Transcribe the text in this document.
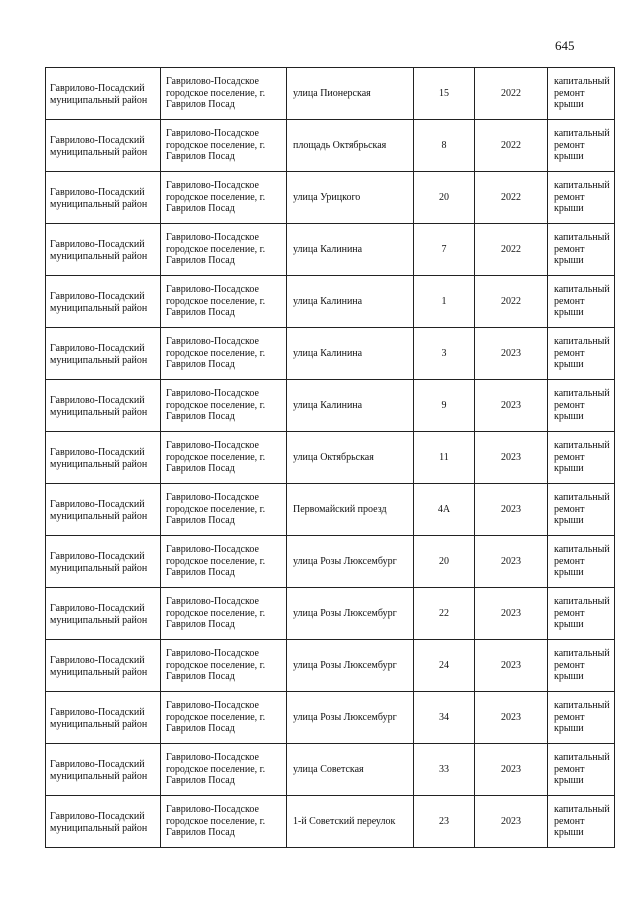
645
Гаврилово-Посадский муниципальный район	Гаврилово-Посадское городское поселение, г. Гаврилов Посад	улица Пионерская	15	2022	капитальный ремонт крыши
Гаврилово-Посадский муниципальный район	Гаврилово-Посадское городское поселение, г. Гаврилов Посад	площадь Октябрьская	8	2022	капитальный ремонт крыши
Гаврилово-Посадский муниципальный район	Гаврилово-Посадское городское поселение, г. Гаврилов Посад	улица Урицкого	20	2022	капитальный ремонт крыши
Гаврилово-Посадский муниципальный район	Гаврилово-Посадское городское поселение, г. Гаврилов Посад	улица Калинина	7	2022	капитальный ремонт крыши
Гаврилово-Посадский муниципальный район	Гаврилово-Посадское городское поселение, г. Гаврилов Посад	улица Калинина	1	2022	капитальный ремонт крыши
Гаврилово-Посадский муниципальный район	Гаврилово-Посадское городское поселение, г. Гаврилов Посад	улица Калинина	3	2023	капитальный ремонт крыши
Гаврилово-Посадский муниципальный район	Гаврилово-Посадское городское поселение, г. Гаврилов Посад	улица Калинина	9	2023	капитальный ремонт крыши
Гаврилово-Посадский муниципальный район	Гаврилово-Посадское городское поселение, г. Гаврилов Посад	улица Октябрьская	11	2023	капитальный ремонт крыши
Гаврилово-Посадский муниципальный район	Гаврилово-Посадское городское поселение, г. Гаврилов Посад	Первомайский проезд	4А	2023	капитальный ремонт крыши
Гаврилово-Посадский муниципальный район	Гаврилово-Посадское городское поселение, г. Гаврилов Посад	улица Розы Люксембург	20	2023	капитальный ремонт крыши
Гаврилово-Посадский муниципальный район	Гаврилово-Посадское городское поселение, г. Гаврилов Посад	улица Розы Люксембург	22	2023	капитальный ремонт крыши
Гаврилово-Посадский муниципальный район	Гаврилово-Посадское городское поселение, г. Гаврилов Посад	улица Розы Люксембург	24	2023	капитальный ремонт крыши
Гаврилово-Посадский муниципальный район	Гаврилово-Посадское городское поселение, г. Гаврилов Посад	улица Розы Люксембург	34	2023	капитальный ремонт крыши
Гаврилово-Посадский муниципальный район	Гаврилово-Посадское городское поселение, г. Гаврилов Посад	улица Советская	33	2023	капитальный ремонт крыши
Гаврилово-Посадский муниципальный район	Гаврилово-Посадское городское поселение, г. Гаврилов Посад	1-й Советский переулок	23	2023	капитальный ремонт крыши
